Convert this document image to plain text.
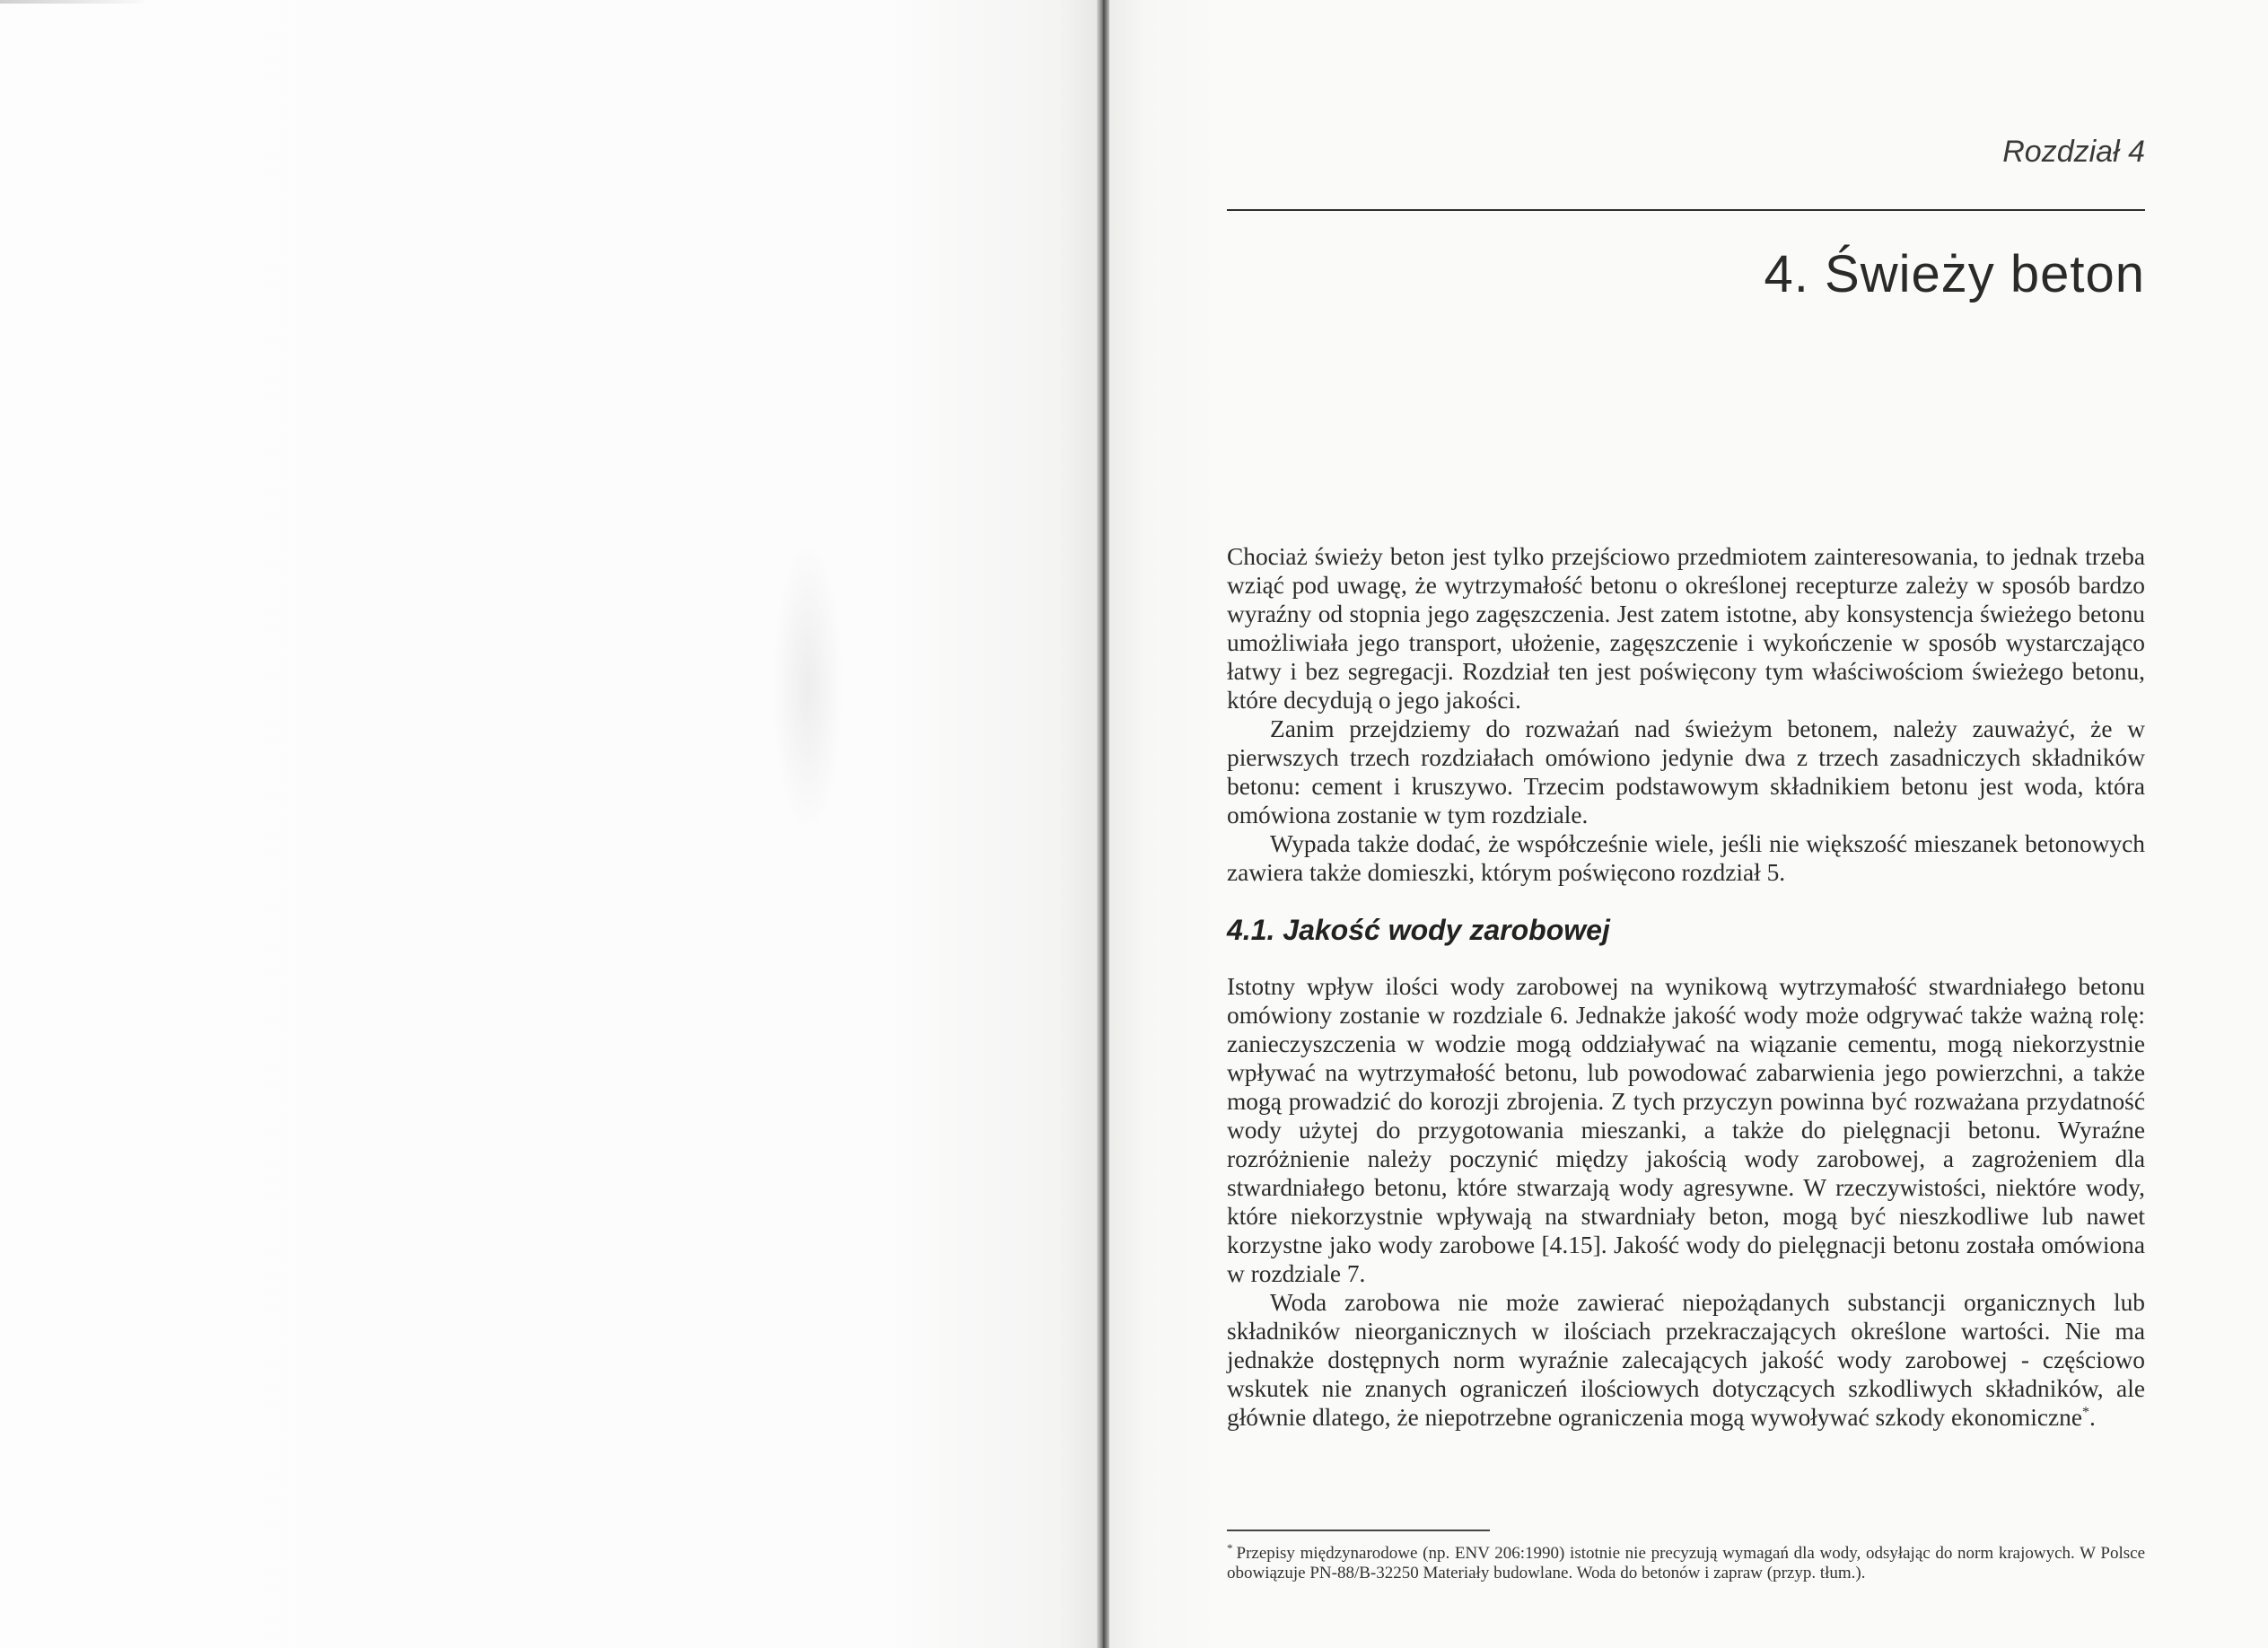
Rozdział 4
4. Świeży beton

Chociaż świeży beton jest tylko przejściowo przedmiotem zainteresowania, to jednak trzeba wziąć pod uwagę, że wytrzymałość betonu o określonej recepturze zależy w sposób bardzo wyraźny od stopnia jego zagęszczenia. Jest zatem istotne, aby konsystencja świeżego betonu umożliwiała jego transport, ułożenie, zagęszczenie i wykończenie w sposób wystarczająco łatwy i bez segregacji. Rozdział ten jest poświęcony tym właściwościom świeżego betonu, które decydują o jego jakości.

Zanim przejdziemy do rozważań nad świeżym betonem, należy zauważyć, że w pierwszych trzech rozdziałach omówiono jedynie dwa z trzech zasadniczych składników betonu: cement i kruszywo. Trzecim podstawowym składnikiem betonu jest woda, która omówiona zostanie w tym rozdziale.

Wypada także dodać, że współcześnie wiele, jeśli nie większość mieszanek betonowych zawiera także domieszki, którym poświęcono rozdział 5.

4.1. Jakość wody zarobowej

Istotny wpływ ilości wody zarobowej na wynikową wytrzymałość stwardniałego betonu omówiony zostanie w rozdziale 6. Jednakże jakość wody może odgrywać także ważną rolę: zanieczyszczenia w wodzie mogą oddziaływać na wiązanie cementu, mogą niekorzystnie wpływać na wytrzymałość betonu, lub powodować zabarwienia jego powierzchni, a także mogą prowadzić do korozji zbrojenia. Z tych przyczyn powinna być rozważana przydatność wody użytej do przygotowania mieszanki, a także do pielęgnacji betonu. Wyraźne rozróżnienie należy poczynić między jakością wody zarobowej, a zagrożeniem dla stwardniałego betonu, które stwarzają wody agresywne. W rzeczywistości, niektóre wody, które niekorzystnie wpływają na stwardniały beton, mogą być nieszkodliwe lub nawet korzystne jako wody zarobowe [4.15]. Jakość wody do pielęgnacji betonu została omówiona w rozdziale 7.

Woda zarobowa nie może zawierać niepożądanych substancji organicznych lub składników nieorganicznych w ilościach przekraczających określone wartości. Nie ma jednakże dostępnych norm wyraźnie zalecających jakość wody zarobowej - częściowo wskutek nie znanych ograniczeń ilościowych dotyczących szkodliwych składników, ale głównie dlatego, że niepotrzebne ograniczenia mogą wywoływać szkody ekonomiczne*.

* Przepisy międzynarodowe (np. ENV 206:1990) istotnie nie precyzują wymagań dla wody, odsyłając do norm krajowych. W Polsce obowiązuje PN-88/B-32250 Materiały budowlane. Woda do betonów i zapraw (przyp. tłum.).
